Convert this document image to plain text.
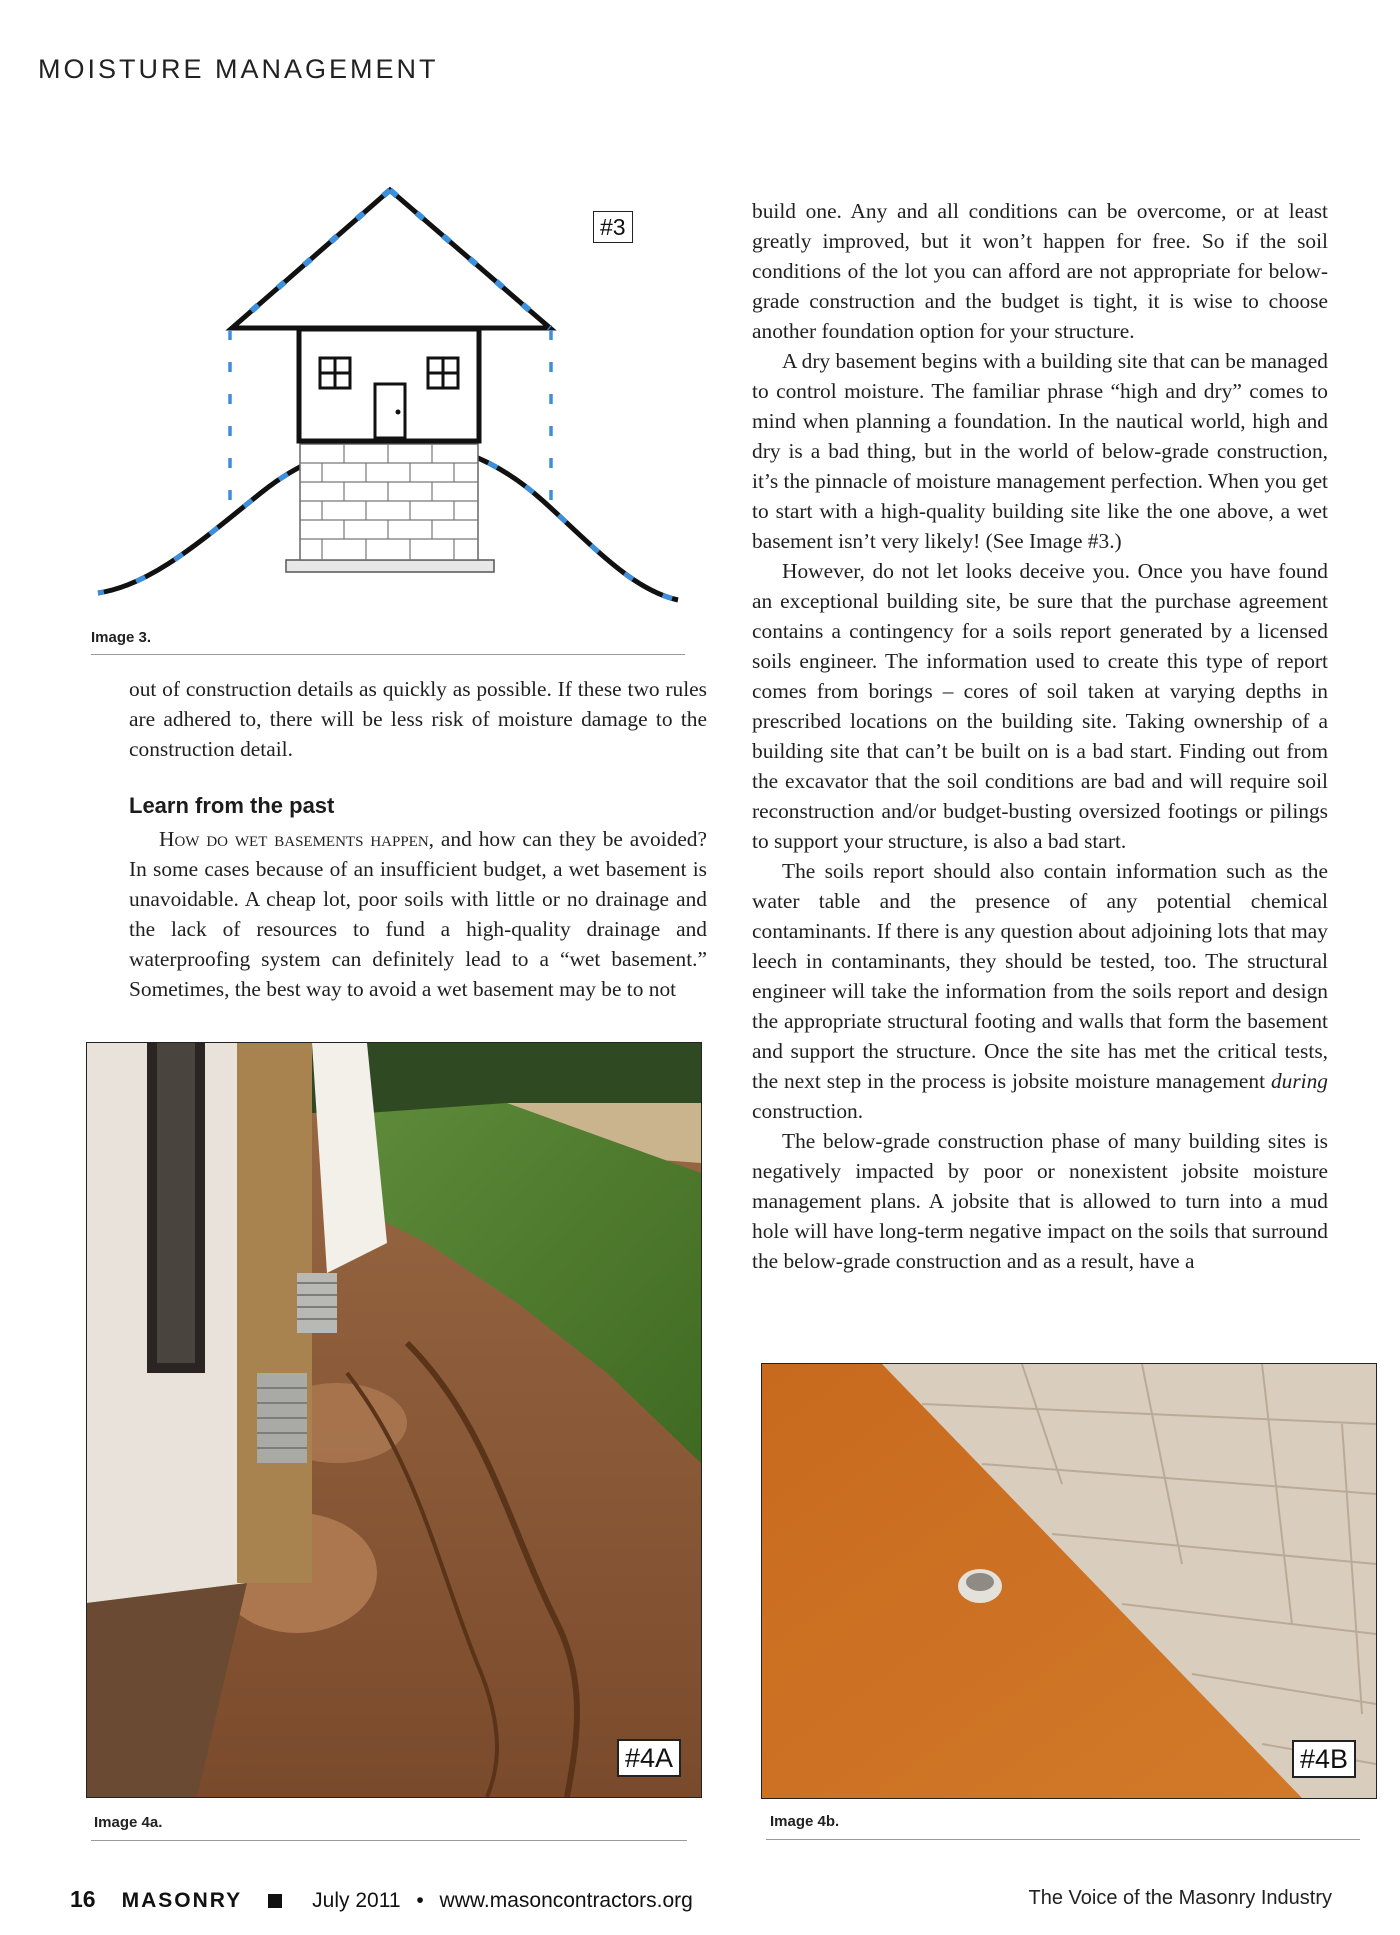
MOISTURE MANAGEMENT
#3
Image 3.

out of construction details as quickly as possible. If these two rules are adhered to, there will be less risk of moisture damage to the construction detail.

Learn from the past

How do wet basements happen, and how can they be avoided? In some cases because of an insufficient budget, a wet basement is unavoidable. A cheap lot, poor soils with little or no drainage and the lack of resources to fund a high-quality drainage and waterproofing system can definitely lead to a “wet basement.” Sometimes, the best way to avoid a wet basement may be to not

#4A
Image 4a.

build one. Any and all conditions can be overcome, or at least greatly improved, but it won’t happen for free. So if the soil conditions of the lot you can afford are not appropriate for below-grade construction and the budget is tight, it is wise to choose another foundation option for your structure.

A dry basement begins with a building site that can be managed to control moisture. The familiar phrase “high and dry” comes to mind when planning a foundation. In the nautical world, high and dry is a bad thing, but in the world of below-grade construction, it’s the pinnacle of moisture management perfection. When you get to start with a high-quality building site like the one above, a wet basement isn’t very likely! (See Image #3.)

However, do not let looks deceive you. Once you have found an exceptional building site, be sure that the purchase agreement contains a contingency for a soils report generated by a licensed soils engineer. The information used to create this type of report comes from borings – cores of soil taken at varying depths in prescribed locations on the building site. Taking ownership of a building site that can’t be built on is a bad start. Finding out from the excavator that the soil conditions are bad and will require soil reconstruction and/or budget-busting oversized footings or pilings to support your structure, is also a bad start.

The soils report should also contain information such as the water table and the presence of any potential chemical contaminants. If there is any question about adjoining lots that may leech in contaminants, they should be tested, too. The structural engineer will take the information from the soils report and design the appropriate structural footing and walls that form the basement and support the structure. Once the site has met the critical tests, the next step in the process is jobsite moisture management during construction.

The below-grade construction phase of many building sites is negatively impacted by poor or nonexistent jobsite moisture management plans. A jobsite that is allowed to turn into a mud hole will have long-term negative impact on the soils that surround the below-grade construction and as a result, have a

#4B
Image 4b.
16 MASONRY	July 2011 • www.masoncontractors.org	The Voice of the Masonry Industry
